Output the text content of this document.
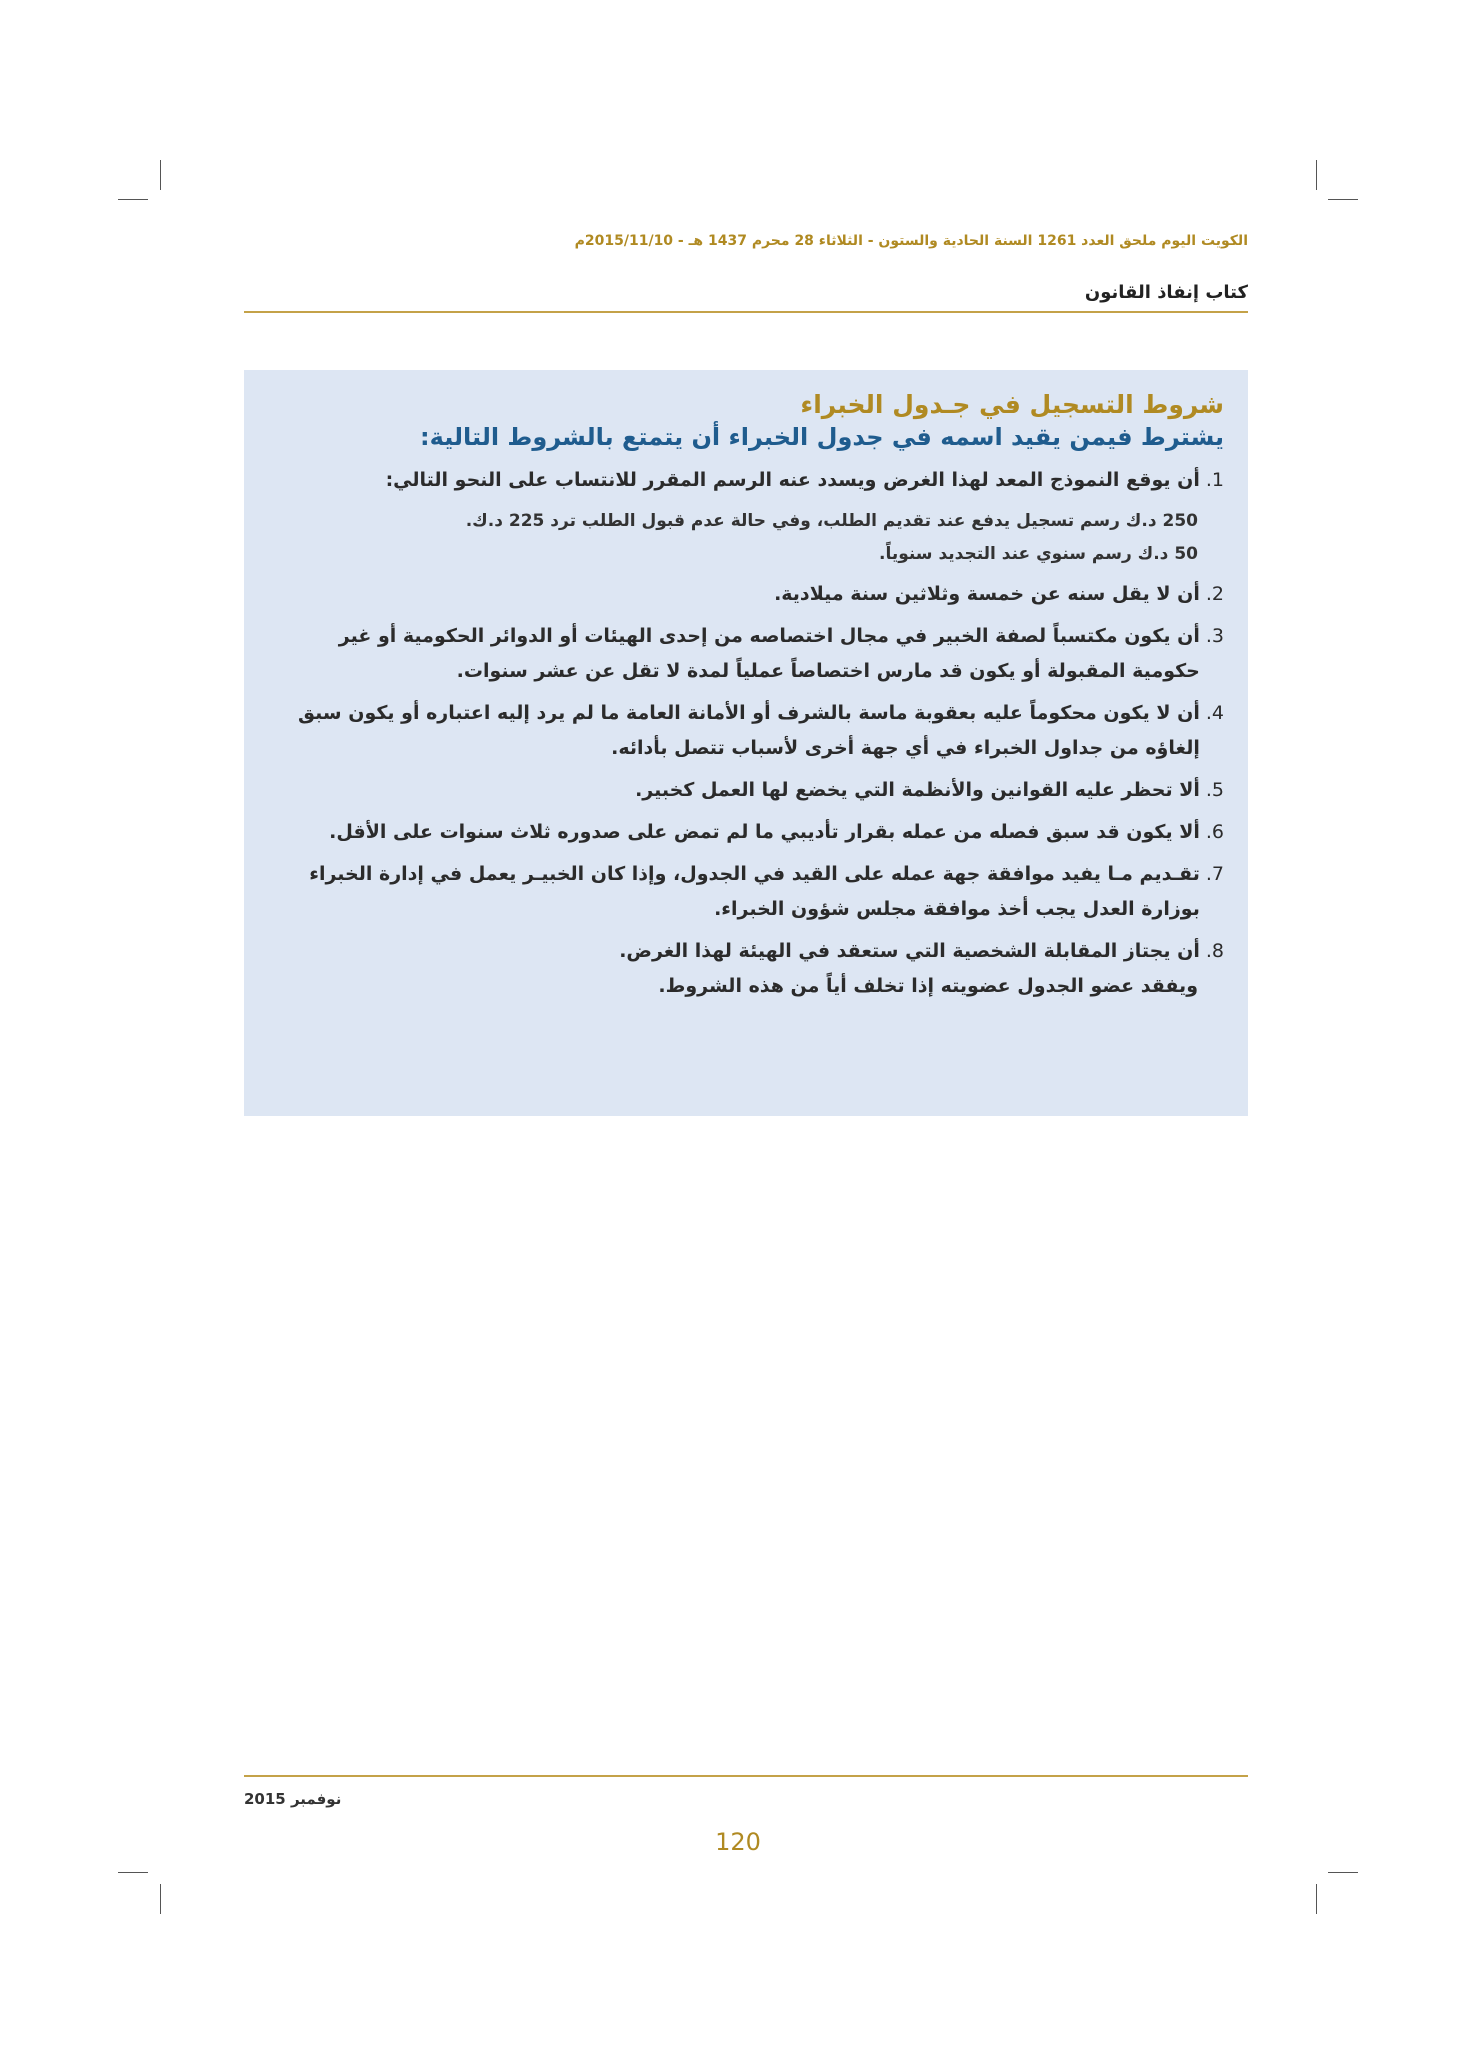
الكويت اليوم ملحق العدد 1261 السنة الحادية والستون - الثلاثاء 28 محرم 1437 هـ - 2015/11/10م
كتاب إنفاذ القانون
شروط التسجيل في جـدول الخبراء
يشترط فيمن يقيد اسمه في جدول الخبراء أن يتمتع بالشروط التالية:
1.
أن يوقع النموذج المعد لهذا الغرض ويسدد عنه الرسم المقرر للانتساب على النحو التالي:
250 د.ك رسم تسجيل يدفع عند تقديم الطلب، وفي حالة عدم قبول الطلب ترد 225 د.ك.
50 د.ك رسم سنوي عند التجديد سنوياً.
2.
أن لا يقل سنه عن خمسة وثلاثين سنة ميلادية.
3.
أن يكون مكتسباً لصفة الخبير في مجال اختصاصه من إحدى الهيئات أو الدوائر الحكومية أو غير حكومية المقبولة أو يكون قد مارس اختصاصاً عملياً لمدة لا تقل عن عشر سنوات.
4.
أن لا يكون محكوماً عليه بعقوبة ماسة بالشرف أو الأمانة العامة ما لم يرد إليه اعتباره أو يكون سبق إلغاؤه من جداول الخبراء في أي جهة أخرى لأسباب تتصل بأدائه.
5.
ألا تحظر عليه القوانين والأنظمة التي يخضع لها العمل كخبير.
6.
ألا يكون قد سبق فصله من عمله بقرار تأديبي ما لم تمض على صدوره ثلاث سنوات على الأقل.
7.
تقـديم مـا يفيد موافقة جهة عمله على القيد في الجدول، وإذا كان الخبيـر يعمل في إدارة الخبراء بوزارة العدل يجب أخذ موافقة مجلس شؤون الخبراء.
8.
أن يجتاز المقابلة الشخصية التي ستعقد في الهيئة لهذا الغرض.
ويفقد عضو الجدول عضويته إذا تخلف أياً من هذه الشروط.
نوفمبر 2015
120
